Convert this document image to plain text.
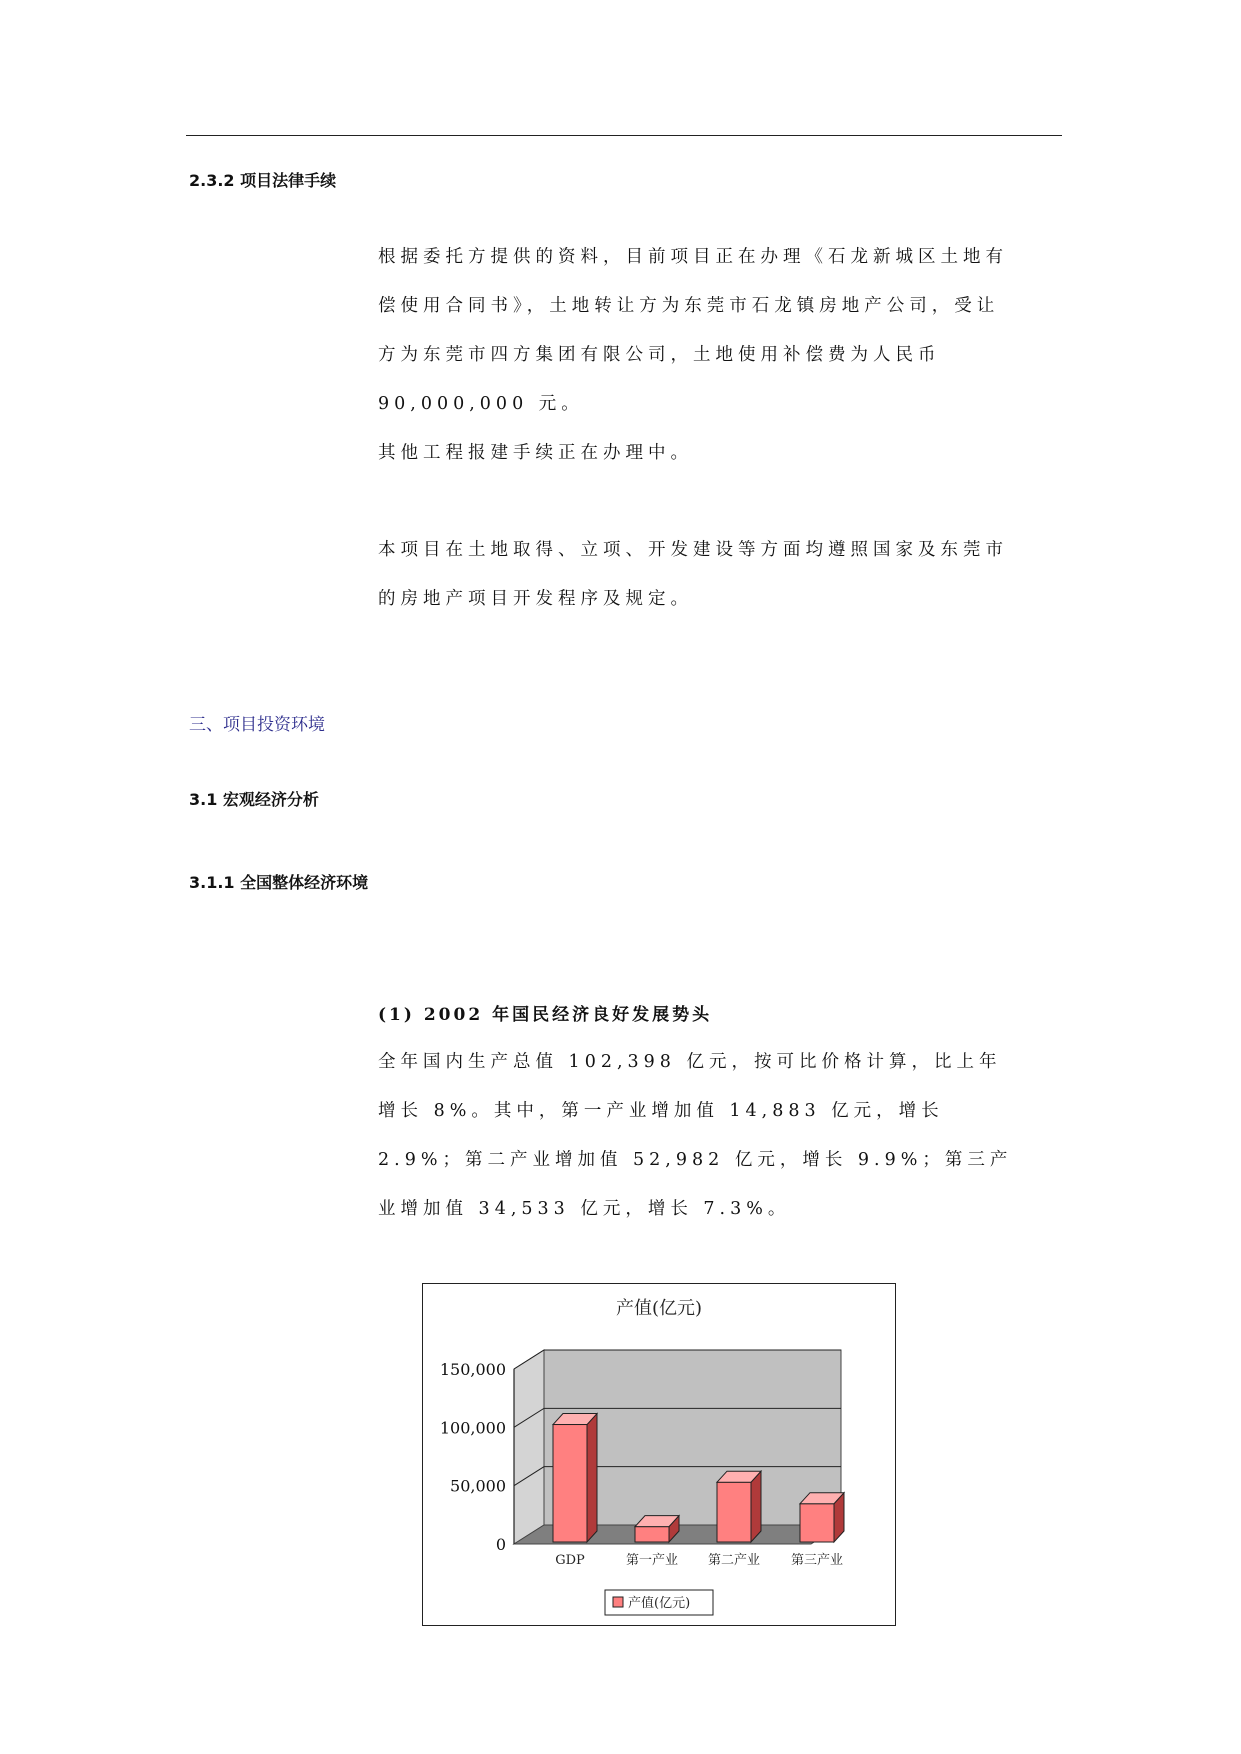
2.3.2 项目法律手续

根据委托方提供的资料，目前项目正在办理《石龙新城区土地有偿使用合同书》，土地转让方为东莞市石龙镇房地产公司，受让方为东莞市四方集团有限公司，土地使用补偿费为人民币 90,000,000 元。

其他工程报建手续正在办理中。

本项目在土地取得、立项、开发建设等方面均遵照国家及东莞市的房地产项目开发程序及规定。

三、项目投资环境
3.1 宏观经济分析
3.1.1 全国整体经济环境
(1) 2002 年国民经济良好发展势头

全年国内生产总值 102,398 亿元，按可比价格计算，比上年增长 8%。其中，第一产业增加值 14,883 亿元，增长 2.9%；第二产业增加值 52,982 亿元，增长 9.9%；第三产业增加值 34,533 亿元，增长 7.3%。

0
50,000
100,000
150,000
产值(亿元)
GDP	第一产业 第二产业 第三产业
产值(亿元)
